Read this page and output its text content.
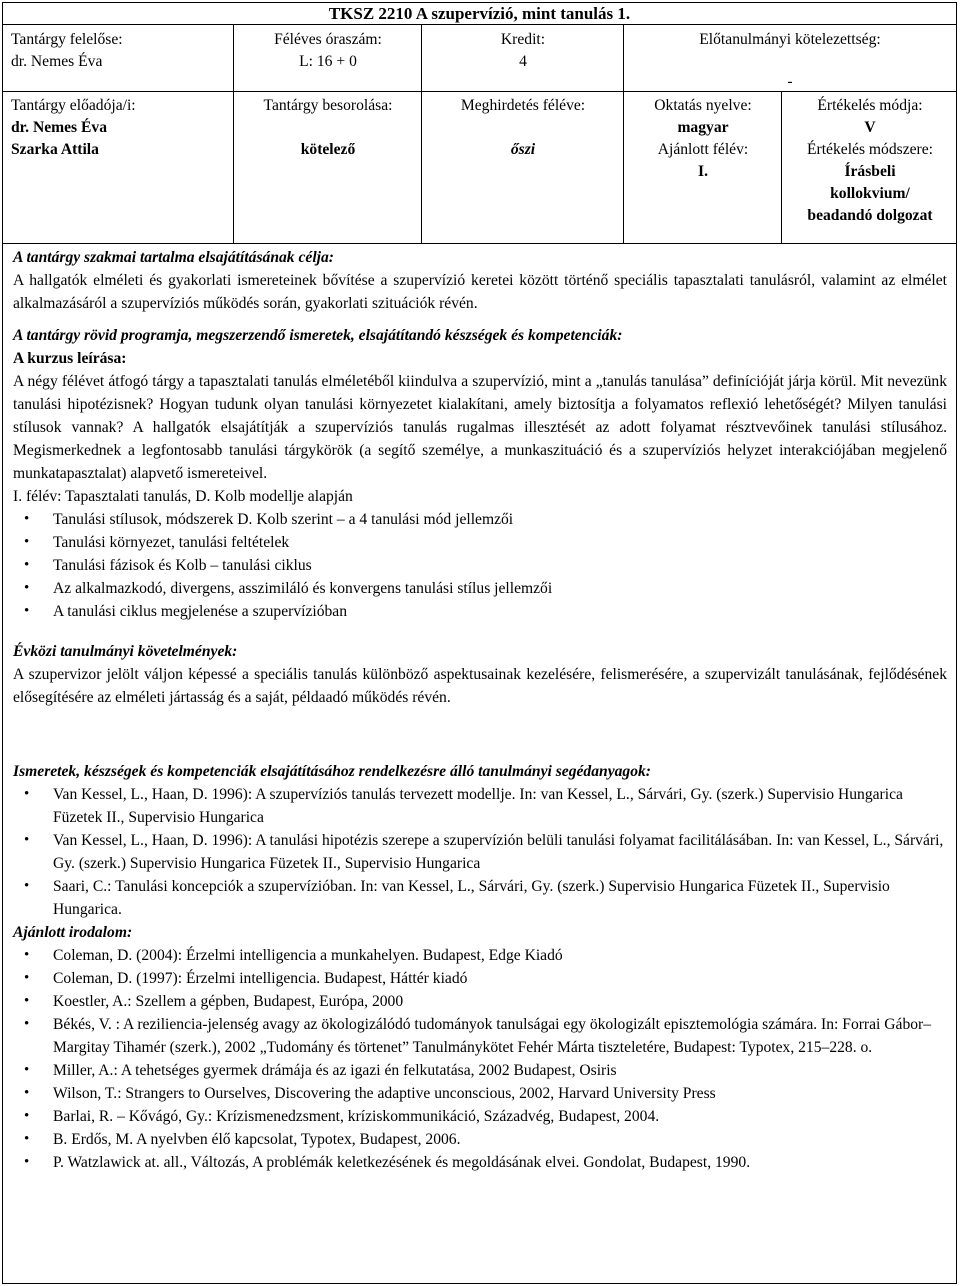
TKSZ 2210 A szupervízió, mint tanulás 1.
Tantárgy felelőse:
dr. Nemes Éva
Féléves óraszám:
L: 16 + 0
Kredit:
4
Előtanulmányi kötelezettség:
-
Tantárgy előadója/i:
dr. Nemes Éva
Szarka Attila
Tantárgy besorolása:
kötelező
Meghirdetés féléve:
őszi
Oktatás nyelve:
magyar
Ajánlott félév:
I.
Értékelés módja:
V
Értékelés módszere:
Írásbeli
kollokvium/
beadandó dolgozat
A tantárgy szakmai tartalma elsajátításának célja:

A hallgatók elméleti és gyakorlati ismereteinek bővítése a szupervízió keretei között történő speciális tapasztalati tanulásról, valamint az elmélet alkalmazásáról a szupervíziós működés során, gyakorlati szituációk révén.

A tantárgy rövid programja, megszerzendő ismeretek, elsajátítandó készségek és kompetenciák:
A kurzus leírása:

A négy félévet átfogó tárgy a tapasztalati tanulás elméletéből kiindulva a szupervízió, mint a „tanulás tanulása” definícióját járja körül. Mit nevezünk tanulási hipotézisnek? Hogyan tudunk olyan tanulási környezetet kialakítani, amely biztosítja a folyamatos reflexió lehetőségét? Milyen tanulási stílusok vannak? A hallgatók elsajátítják a szupervíziós tanulás rugalmas illesztését az adott folyamat résztvevőinek tanulási stílusához. Megismerkednek a legfontosabb tanulási tárgykörök (a segítő személye, a munkaszituáció és a szupervíziós helyzet interakciójában megjelenő munkatapasztalat) alapvető ismereteivel.

I. félév: Tapasztalati tanulás, D. Kolb modellje alapján
• Tanulási stílusok, módszerek D. Kolb szerint – a 4 tanulási mód jellemzői
• Tanulási környezet, tanulási feltételek
• Tanulási fázisok és Kolb – tanulási ciklus
• Az alkalmazkodó, divergens, asszimiláló és konvergens tanulási stílus jellemzői
• A tanulási ciklus megjelenése a szupervízióban
Évközi tanulmányi követelmények:

A szupervizor jelölt váljon képessé a speciális tanulás különböző aspektusainak kezelésére, felismerésére, a szupervizált tanulásának, fejlődésének elősegítésére az elméleti jártasság és a saját, példaadó működés révén.

Ismeretek, készségek és kompetenciák elsajátításához rendelkezésre álló tanulmányi segédanyagok:
• Van Kessel, L., Haan, D. 1996): A szupervíziós tanulás tervezett modellje. In: van Kessel, L., Sárvári, Gy. (szerk.) Supervisio Hungarica Füzetek II., Supervisio Hungarica
• Van Kessel, L., Haan, D. 1996): A tanulási hipotézis szerepe a szupervízión belüli tanulási folyamat facilitálásában. In: van Kessel, L., Sárvári, Gy. (szerk.) Supervisio Hungarica Füzetek II., Supervisio Hungarica
• Saari, C.: Tanulási koncepciók a szupervízióban. In: van Kessel, L., Sárvári, Gy. (szerk.) Supervisio Hungarica Füzetek II., Supervisio Hungarica.
Ajánlott irodalom:
• Coleman, D. (2004): Érzelmi intelligencia a munkahelyen. Budapest, Edge Kiadó
• Coleman, D. (1997): Érzelmi intelligencia. Budapest, Háttér kiadó
• Koestler, A.: Szellem a gépben, Budapest, Európa, 2000
• Békés, V. : A reziliencia-jelenség avagy az ökologizálódó tudományok tanulságai egy ökologizált episztemológia számára. In: Forrai Gábor–Margitay Tihamér (szerk.), 2002 „Tudomány és törtenet” Tanulmánykötet Fehér Márta tiszteletére, Budapest: Typotex, 215–228. o.
• Miller, A.: A tehetséges gyermek drámája és az igazi én felkutatása, 2002 Budapest, Osiris
• Wilson, T.: Strangers to Ourselves, Discovering the adaptive unconscious, 2002, Harvard University Press
• Barlai, R. – Kővágó, Gy.: Krízismenedzsment, kríziskommunikáció, Századvég, Budapest, 2004.
• B. Erdős, M. A nyelvben élő kapcsolat, Typotex, Budapest, 2006.
• P. Watzlawick at. all., Változás, A problémák keletkezésének és megoldásának elvei. Gondolat, Budapest, 1990.
